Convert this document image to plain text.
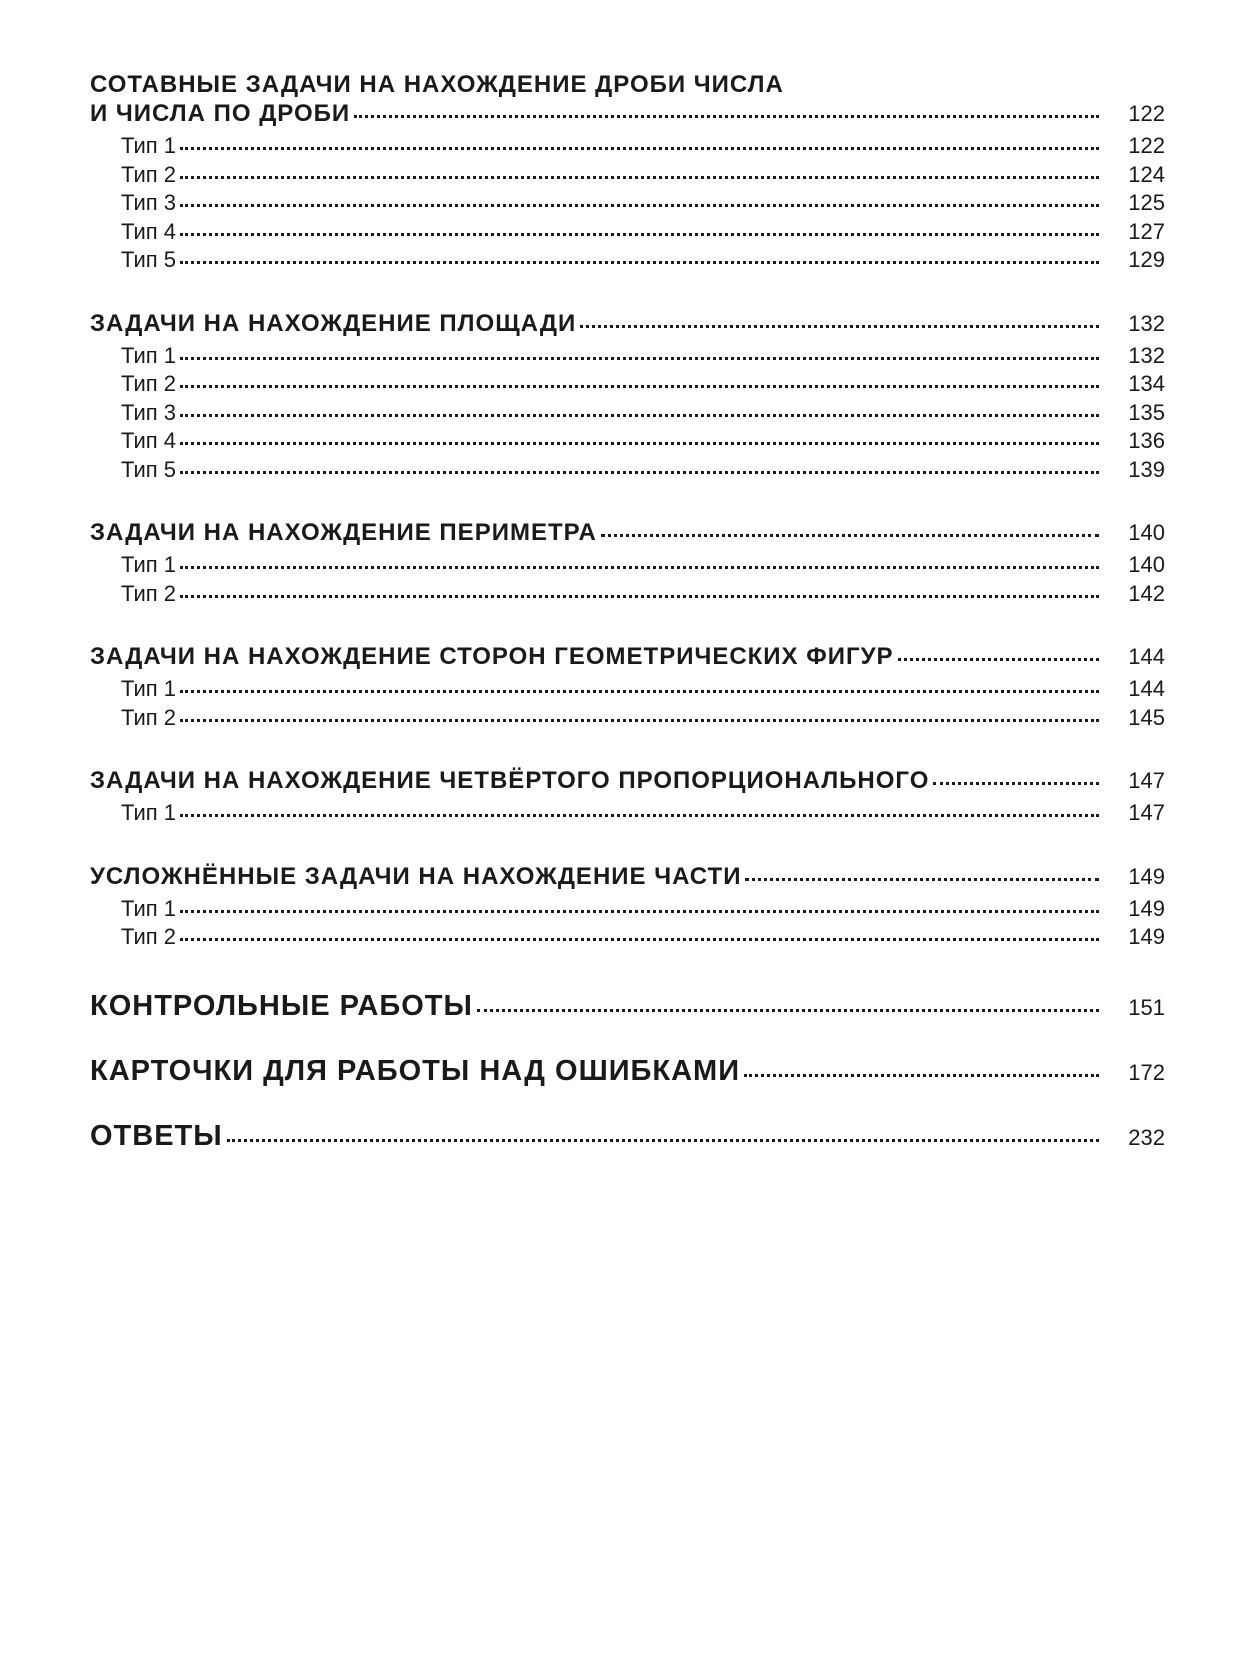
СОТАВНЫЕ ЗАДАЧИ НА НАХОЖДЕНИЕ ДРОБИ ЧИСЛА
И ЧИСЛА ПО ДРОБИ	122
Тип 1	122
Тип 2	124
Тип 3	125
Тип 4	127
Тип 5	129
ЗАДАЧИ НА НАХОЖДЕНИЕ ПЛОЩАДИ	132
Тип 1	132
Тип 2	134
Тип 3	135
Тип 4	136
Тип 5	139
ЗАДАЧИ НА НАХОЖДЕНИЕ ПЕРИМЕТРА	140
Тип 1	140
Тип 2	142
ЗАДАЧИ НА НАХОЖДЕНИЕ СТОРОН ГЕОМЕТРИЧЕСКИХ ФИГУР	144
Тип 1	144
Тип 2	145
ЗАДАЧИ НА НАХОЖДЕНИЕ ЧЕТВЁРТОГО ПРОПОРЦИОНАЛЬНОГО	147
Тип 1	147
УСЛОЖНЁННЫЕ ЗАДАЧИ НА НАХОЖДЕНИЕ ЧАСТИ	149
Тип 1	149
Тип 2	149
КОНТРОЛЬНЫЕ РАБОТЫ	151
КАРТОЧКИ ДЛЯ РАБОТЫ НАД ОШИБКАМИ	172
ОТВЕТЫ	232
